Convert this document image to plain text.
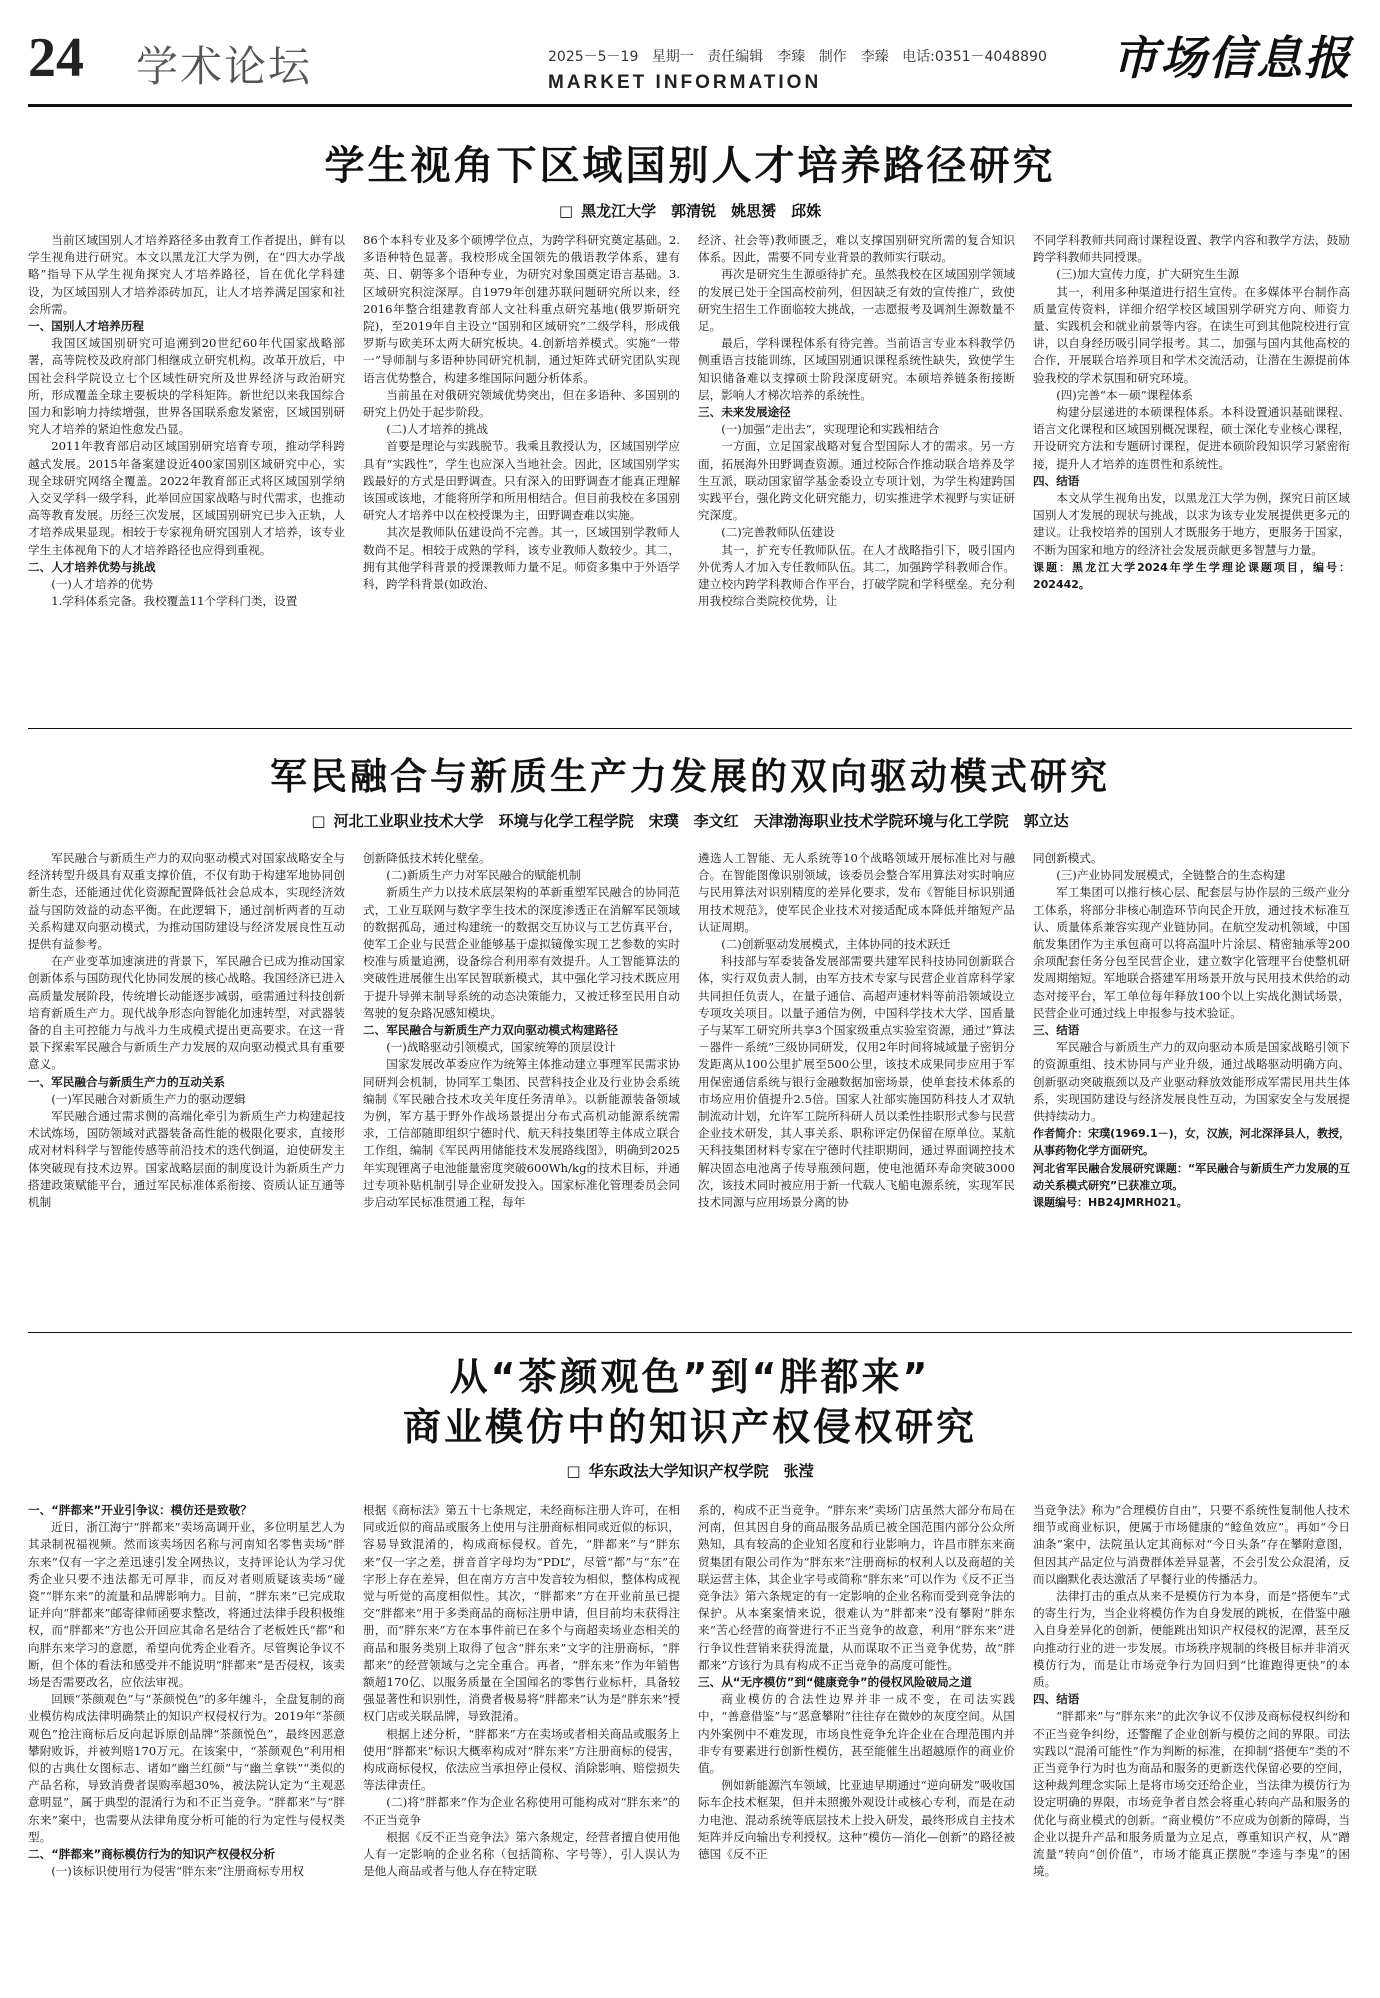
24 学术论坛	2025－5－19 星期一 责任编辑　李臻 制作　李臻 电话:0351－4048890
MARKET INFORMATION	市场信息报
学生视角下区域国别人才培养路径研究
□ 黑龙江大学　郭清锐　姚思赟　邱姝

当前区域国别人才培养路径多由教育工作者提出，鲜有以学生视角进行研究。本文以黑龙江大学为例，在“四大办学战略”指导下从学生视角探究人才培养路径，旨在优化学科建设，为区域国别人才培养添砖加瓦，让人才培养满足国家和社会所需。

一、国别人才培养历程

我国区域国别研究可追溯到20世纪60年代国家战略部署，高等院校及政府部门相继成立研究机构。改革开放后，中国社会科学院设立七个区域性研究所及世界经济与政治研究所，形成覆盖全球主要板块的学科矩阵。新世纪以来我国综合国力和影响力持续增强，世界各国联系愈发紧密，区域国别研究人才培养的紧迫性愈发凸显。

2011年教育部启动区域国别研究培育专项，推动学科跨越式发展。2015年备案建设近400家国别区域研究中心，实现全球研究网络全覆盖。2022年教育部正式将区域国别学纳入交叉学科一级学科，此举回应国家战略与时代需求，也推动高等教育发展。历经三次发展，区域国别研究已步入正轨，人才培养成果显现。相较于专家视角研究国别人才培养，该专业学生主体视角下的人才培养路径也应得到重视。

二、人才培养优势与挑战

(一)人才培养的优势

1.学科体系完备。我校覆盖11个学科门类，设置

86个本科专业及多个硕博学位点，为跨学科研究奠定基础。2.多语种特色显著。我校形成全国领先的俄语教学体系，建有英、日、朝等多个语种专业，为研究对象国奠定语言基础。3.区域研究积淀深厚。自1979年创建苏联问题研究所以来，经2016年整合组建教育部人文社科重点研究基地(俄罗斯研究院)，至2019年自主设立“国别和区域研究”二级学科，形成俄罗斯与欧美环太两大研究板块。4.创新培养模式。实施“一带一”导师制与多语种协同研究机制，通过矩阵式研究团队实现语言优势整合，构建多维国际问题分析体系。

当前虽在对俄研究领域优势突出，但在多语种、多国别的研究上仍处于起步阶段。

(二)人才培养的挑战

首要是理论与实践脱节。我乘且教授认为，区域国别学应具有“实践性”，学生也应深入当地社会。因此，区域国别学实践最好的方式是田野调查。只有深入的田野调查才能真正理解该国或该地，才能将所学和所用相结合。但目前我校在多国别研究人才培养中以在校授课为主，田野调查难以实施。

其次是教师队伍建设尚不完善。其一，区域国别学教师人数尚不足。相较于成熟的学科，该专业教师人数较少。其二，拥有其他学科背景的授课教师力量不足。师资多集中于外语学科，跨学科背景(如政治、

经济、社会等)教师匮乏，难以支撑国别研究所需的复合知识体系。因此，需要不同专业背景的教师实行联动。

再次是研究生生源亟待扩充。虽然我校在区域国别学领域的发展已处于全国高校前列，但因缺乏有效的宣传推广，致使研究生招生工作面临较大挑战，一志愿报考及调剂生源数量不足。

最后，学科课程体系有待完善。当前语言专业本科教学仍侧重语言技能训练，区域国别通识课程系统性缺失，致使学生知识储备难以支撑硕士阶段深度研究。本硕培养链条衔接断层，影响人才梯次培养的系统性。

三、未来发展途径

(一)加强“走出去”，实现理论和实践相结合

一方面，立足国家战略对复合型国际人才的需求。另一方面，拓展海外田野调查资源。通过校际合作推动联合培养及学生互派，联动国家留学基金委设立专项计划，为学生构建跨国实践平台，强化跨文化研究能力，切实推进学术视野与实证研究深度。

(二)完善教师队伍建设

其一，扩充专任教师队伍。在人才战略指引下，吸引国内外优秀人才加入专任教师队伍。其二，加强跨学科教师合作。建立校内跨学科教师合作平台，打破学院和学科壁垒。充分利用我校综合类院校优势，让

不同学科教师共同商讨课程设置、教学内容和教学方法，鼓励跨学科教师共同授课。

(三)加大宣传力度，扩大研究生生源

其一，利用多种渠道进行招生宣传。在多媒体平台制作高质量宣传资料，详细介绍学校区域国别学研究方向、师资力量、实践机会和就业前景等内容。在读生可到其他院校进行宣讲，以自身经历吸引同学报考。其二，加强与国内其他高校的合作，开展联合培养项目和学术交流活动，让潜在生源提前体验我校的学术氛围和研究环境。

(四)完善“本－硕”课程体系

构建分层递进的本硕课程体系。本科设置通识基础课程、语言文化课程和区域国别概况课程，硕士深化专业核心课程，开设研究方法和专题研讨课程，促进本硕阶段知识学习紧密衔接，提升人才培养的连贯性和系统性。

四、结语

本文从学生视角出发，以黑龙江大学为例，探究日前区域国别人才发展的现状与挑战，以求为该专业发展提供更多元的建议。让我校培养的国别人才既服务于地方，更服务于国家，不断为国家和地方的经济社会发展贡献更多智慧与力量。

课题：黑龙江大学2024年学生学理论课题项目，编号：202442。

军民融合与新质生产力发展的双向驱动模式研究
□ 河北工业职业技术大学　环境与化学工程学院　宋璞　李文红　天津渤海职业技术学院环境与化工学院　郭立达

军民融合与新质生产力的双向驱动模式对国家战略安全与经济转型升级具有双重支撑价值，不仅有助于构建军地协同创新生态，还能通过优化资源配置降低社会总成本，实现经济效益与国防效益的动态平衡。在此逻辑下，通过剖析两者的互动关系构建双向驱动模式，为推动国防建设与经济发展良性互动提供有益参考。

在产业变革加速演进的背景下，军民融合已成为推动国家创新体系与国防现代化协同发展的核心战略。我国经济已进入高质量发展阶段，传统增长动能逐步减弱，亟需通过科技创新培育新质生产力。现代战争形态向智能化加速转型，对武器装备的自主可控能力与战斗力生成模式提出更高要求。在这一背景下探索军民融合与新质生产力发展的双向驱动模式具有重要意义。

一、军民融合与新质生产力的互动关系

(一)军民融合对新质生产力的驱动逻辑

军民融合通过需求侧的高端化牵引为新质生产力构建起技术试炼场，国防领域对武器装备高性能的极限化要求，直接形成对材料科学与智能传感等前沿技术的迭代倒逼，迫使研发主体突破现有技术边界。国家战略层面的制度设计为新质生产力搭建政策赋能平台，通过军民标准体系衔接、资质认证互通等机制

创新降低技术转化壁垒。

(二)新质生产力对军民融合的赋能机制

新质生产力以技术底层架构的革新重塑军民融合的协同范式，工业互联网与数字孪生技术的深度渗透正在消解军民领域的数据孤岛，通过构建统一的数据交互协议与工艺仿真平台，使军工企业与民营企业能够基于虚拟镜像实现工艺参数的实时校准与质量追溯，设备综合利用率有效提升。人工智能算法的突破性进展催生出军民智联新模式，其中强化学习技术既应用于提升导弹末制导系统的动态决策能力，又被迁移至民用自动驾驶的复杂路况感知模块。

二、军民融合与新质生产力双向驱动模式构建路径

(一)战略驱动引领模式，国家统筹的顶层设计

国家发展改革委应作为统筹主体推动建立事理军民需求协同研判会机制，协同军工集团、民营科技企业及行业协会系统编制《军民融合技术攻关年度任务清单》。以新能源装备领域为例，军方基于野外作战场景提出分布式高机动能源系统需求，工信部随即组织宁德时代、航天科技集团等主体成立联合工作组，编制《军民两用储能技术发展路线图》，明确到2025年实现锂离子电池能量密度突破600Wh/kg的技术目标，并通过专项补贴机制引导企业研发投入。国家标准化管理委员会同步启动军民标准贯通工程，每年

遴选人工智能、无人系统等10个战略领域开展标准比对与融合。在智能图像识别领域，该委员会整合军用算法对实时响应与民用算法对识别精度的差异化要求，发布《智能目标识别通用技术规范》，使军民企业技术对接适配成本降低并缩短产品认证周期。

(二)创新驱动发展模式，主体协同的技术跃迁

科技部与军委装备发展部需要共建军民科技协同创新联合体，实行双负责人制，由军方技术专家与民营企业首席科学家共同担任负责人，在量子通信、高超声速材料等前沿领域设立专项攻关项目。以量子通信为例，中国科学技术大学、国盾量子与某军工研究所共享3个国家级重点实验室资源，通过“算法－器件－系统”三级协同研发，仅用2年时间将城域量子密钥分发距离从100公里扩展至500公里，该技术成果同步应用于军用保密通信系统与银行金融数据加密场景，使单套技术体系的市场应用价值提升2.5倍。国家人社部实施国防科技人才双轨制流动计划，允许军工院所科研人员以柔性挂职形式参与民营企业技术研发，其人事关系、职称评定仍保留在原单位。某航天科技集团材料专家在宁德时代挂职期间，通过界面调控技术解决固态电池离子传导瓶颈问题，使电池循环寿命突破3000次，该技术同时被应用于新一代载人飞船电源系统，实现军民技术同源与应用场景分离的协

同创新模式。

(三)产业协同发展模式，全链整合的生态构建

军工集团可以推行核心层、配套层与协作层的三级产业分工体系，将部分非核心制造环节向民企开放，通过技术标准互认、质量体系兼容实现产业链协同。在航空发动机领域，中国航发集团作为主承包商可以将高温叶片涂层、精密轴承等200余项配套任务分包至民营企业，建立数字化管理平台使整机研发周期缩短。军地联合搭建军用场景开放与民用技术供给的动态对接平台，军工单位每年释放100个以上实战化测试场景，民营企业可通过线上申报参与技术验证。

三、结语

军民融合与新质生产力的双向驱动本质是国家战略引领下的资源重组、技术协同与产业升级，通过战略驱动明确方向、创新驱动突破瓶颈以及产业驱动释放效能形成军需民用共生体系，实现国防建设与经济发展良性互动，为国家安全与发展提供持续动力。

作者简介：宋璞(1969.1－)，女，汉族，河北深泽县人，教授，从事药物化学方面研究。

河北省军民融合发展研究课题：“军民融合与新质生产力发展的互动关系模式研究”已获准立项。

课题编号：HB24JMRH021。

从“茶颜观色”到“胖都来”
商业模仿中的知识产权侵权研究
□ 华东政法大学知识产权学院　张滢

一、“胖都来”开业引争议：模仿还是致敬？

近日，浙江海宁“胖都来”卖场高调开业，多位明星艺人为其录制祝福视频。然而该卖场因名称与河南知名零售卖场“胖东来”仅有一字之差迅速引发全网热议，支持评论认为学习优秀企业只要不违法都无可厚非，而反对者则质疑该卖场“碰瓷”“胖东来”的流量和品牌影响力。目前，“胖东来”已完成取证并向“胖都来”邮寄律师函要求整改，将通过法律手段积极维权，而“胖都来”方也公开回应其命名是结合了老板姓氏“都”和向胖东来学习的意愿，希望向优秀企业看齐。尽管舆论争议不断，但个体的看法和感受并不能说明“胖都来”是否侵权，该卖场是否需要改名，应依法审视。

回顾“茶颜观色”与“茶颜悦色”的多年缠斗，全盘复制的商业模仿构成法律明确禁止的知识产权侵权行为。2019年“茶颜观色”抢注商标后反向起诉原创品牌“茶颜悦色”，最终因恶意攀附败诉，并被判赔170万元。在该案中，“茶颜观色”利用相似的古典仕女图标志、诸如“幽兰红颜”与“幽兰拿铁”“类似的产品名称，导致消费者误购率超30%，被法院认定为“主观恶意明显”，属于典型的混淆行为和不正当竞争。“胖都来”与“胖东来”案中，也需要从法律角度分析可能的行为定性与侵权类型。

二、“胖都来”商标模仿行为的知识产权侵权分析

(一)该标识使用行为侵害“胖东来”注册商标专用权

根据《商标法》第五十七条规定，未经商标注册人许可，在相同或近似的商品或服务上使用与注册商标相同或近似的标识，容易导致混淆的，构成商标侵权。首先，“胖都来”与“胖东来”仅一字之差，拼音首字母均为“PDL”，尽管“都”与“东”在字形上存在差异，但在南方方言中发音较为相似，整体构成视觉与听觉的高度相似性。其次，“胖都来”方在开业前虽已提交“胖都来”用于多类商品的商标注册申请，但目前均未获得注册，而“胖东来”方在本事件前已在多个与商超卖场业态相关的商品和服务类别上取得了包含“胖东来”文字的注册商标，“胖都来”的经营领域与之完全重合。再者，“胖东来”作为年销售额超170亿、以服务质量在全国闻名的零售行业标杆，具备较强显著性和识别性，消费者极易将“胖都来”认为是“胖东来”授权门店或关联品牌，导致混淆。

根据上述分析，“胖都来”方在卖场或者相关商品或服务上使用“胖都来”标识大概率构成对“胖东来”方注册商标的侵害，构成商标侵权，依法应当承担停止侵权、消除影响、赔偿损失等法律责任。

(二)将“胖都来”作为企业名称使用可能构成对“胖东来”的不正当竞争

根据《反不正当竞争法》第六条规定，经营者擅自使用他人有一定影响的企业名称（包括简称、字号等），引人误认为是他人商品或者与他人存在特定联

系的，构成不正当竞争。“胖东来”卖场门店虽然大部分布局在河南，但其因自身的商品服务品质已被全国范围内部分公众所熟知，具有较高的企业知名度和行业影响力，许昌市胖东来商贸集团有限公司作为“胖东来”注册商标的权利人以及商超的关联运营主体，其企业字号或简称“胖东来”可以作为《反不正当竞争法》第六条规定的有一定影响的企业名称而受到竞争法的保护。从本案案情来说，很难认为“胖都来”没有攀附“胖东来”苦心经营的商誉进行不正当竞争的故意，利用“胖东来”进行争议性营销来获得流量，从而谋取不正当竞争优势，故“胖都来”方该行为具有构成不正当竞争的高度可能性。

三、从“无序模仿”到“健康竞争”的侵权风险破局之道

商业模仿的合法性边界并非一成不变，在司法实践中，“善意借鉴”与“恶意攀附”往往存在微妙的灰度空间。从国内外案例中不难发现，市场良性竞争允许企业在合理范围内并非专有要素进行创新性模仿，甚至能催生出超越原作的商业价值。

例如新能源汽车领域，比亚迪早期通过“逆向研发”吸收国际车企技术框架，但并未照搬外观设计或核心专利，而是在动力电池、混动系统等底层技术上投入研发，最终形成自主技术矩阵并反向输出专利授权。这种“模仿—消化—创新”的路径被德国《反不正

当竞争法》称为“合理模仿自由”，只要不系统性复制他人技术细节或商业标识，便属于市场健康的“鲶鱼效应”。再如“今日油条”案中，法院虽认定其商标对“今日头条”存在攀附意图，但因其产品定位与消费群体差异显著，不会引发公众混淆，反而以幽默化表达激活了早餐行业的传播活力。

法律打击的重点从来不是模仿行为本身，而是“搭便车”式的寄生行为，当企业将模仿作为自身发展的跳板，在借鉴中融入自身差异化的创新，便能跳出知识产权侵权的泥潭，甚至反向推动行业的进一步发展。市场秩序规制的终极目标并非消灭模仿行为，而是让市场竞争行为回归到“比谁跑得更快”的本质。

四、结语

“胖都来”与“胖东来”的此次争议不仅涉及商标侵权纠纷和不正当竞争纠纷，还警醒了企业创新与模仿之间的界限。司法实践以“混淆可能性”作为判断的标准，在抑制“搭便车”类的不正当竞争行为时也为商品和服务的更新迭代保留必要的空间，这种裁判理念实际上是将市场交还给企业，当法律为模仿行为设定明确的界限，市场竞争者自然会将重心转向产品和服务的优化与商业模式的创新。“商业模仿”不应成为创新的障碍，当企业以提升产品和服务质量为立足点，尊重知识产权，从“蹭流量”转向“创价值”，市场才能真正摆脱“李逵与李鬼”的困境。
